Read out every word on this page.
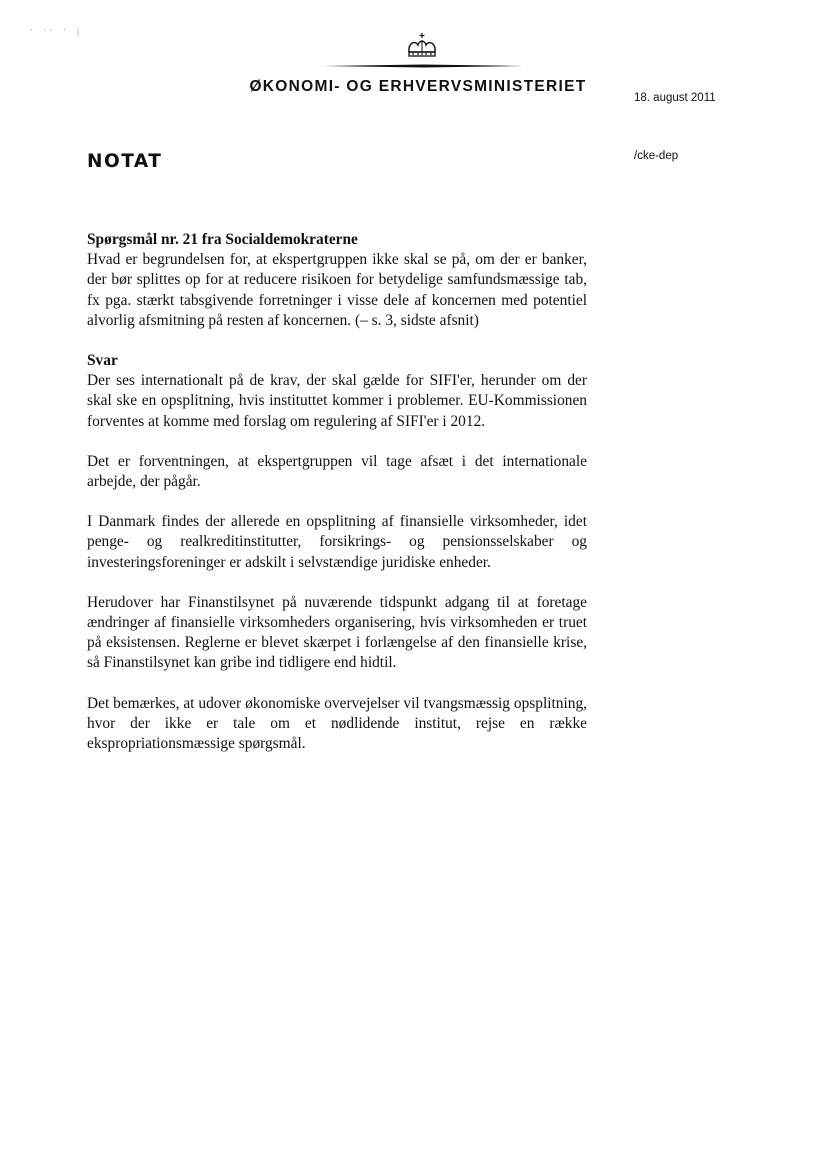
' '' ' |
ØKONOMI- OG ERHVERVSMINISTERIET
18. august 2011
/cke-dep
NOTAT

Spørgsmål nr. 21 fra Socialdemokraterne
Hvad er begrundelsen for, at ekspertgruppen ikke skal se på, om der er banker, der bør splittes op for at reducere risikoen for betydelige samfundsmæssige tab, fx pga. stærkt tabsgivende forretninger i visse dele af koncernen med potentiel alvorlig afsmitning på resten af koncernen. (– s. 3, sidste afsnit)

Svar
Der ses internationalt på de krav, der skal gælde for SIFI'er, herunder om der skal ske en opsplitning, hvis instituttet kommer i problemer. EU-Kommissionen forventes at komme med forslag om regulering af SIFI'er i 2012.

Det er forventningen, at ekspertgruppen vil tage afsæt i det internationale arbejde, der pågår.

I Danmark findes der allerede en opsplitning af finansielle virksomheder, idet penge- og realkreditinstitutter, forsikrings- og pensionsselskaber og investeringsforeninger er adskilt i selvstændige juridiske enheder.

Herudover har Finanstilsynet på nuværende tidspunkt adgang til at foretage ændringer af finansielle virksomheders organisering, hvis virksomheden er truet på eksistensen. Reglerne er blevet skærpet i forlængelse af den finansielle krise, så Finanstilsynet kan gribe ind tidligere end hidtil.

Det bemærkes, at udover økonomiske overvejelser vil tvangsmæssig opsplitning, hvor der ikke er tale om et nødlidende institut, rejse en række ekspropriationsmæssige spørgsmål.
